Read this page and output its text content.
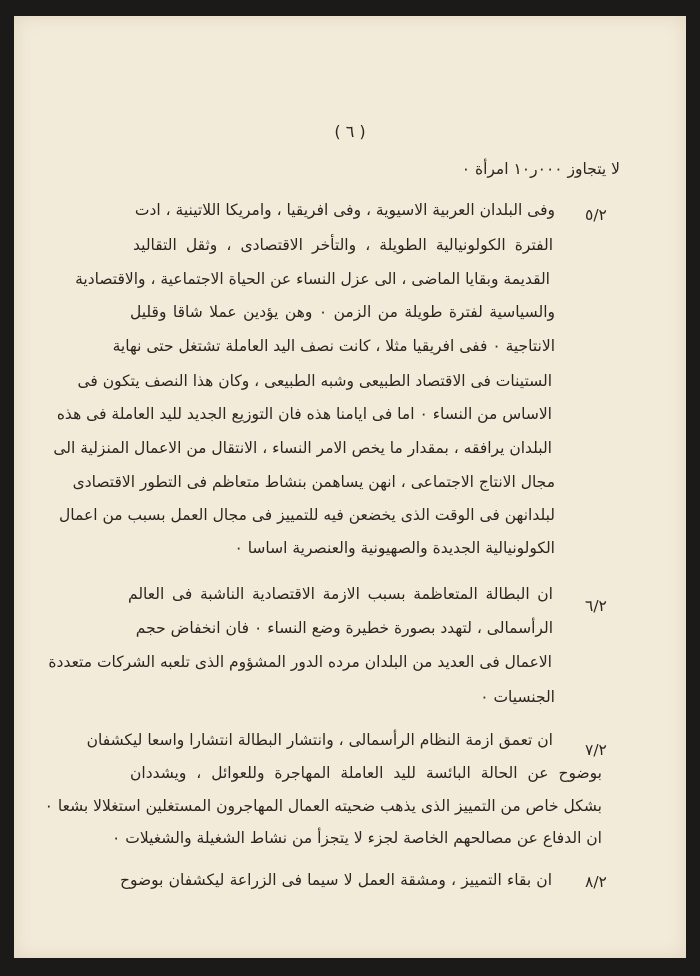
( ٦ )
لا يتجاوز ٠٠٠ر١٠ امرأة ٠
٥/٢
وفى البلدان العربية الاسيوية ، وفى افريقيا ، وامريكا اللاتينية ، ادت
الفترة الكولونيالية الطويلة ، والتأخر الاقتصادى ، وثقل التقاليد
القديمة وبقايا الماضى ، الى عزل النساء عن الحياة الاجتماعية ، والاقتصادية
والسياسية لفترة طويلة من الزمن ٠ وهن يؤدين عملا شاقا وقليل
الانتاجية ٠ ففى افريقيا مثلا ، كانت نصف اليد العاملة تشتغل حتى نهاية
الستينات فى الاقتصاد الطبيعى وشبه الطبيعى ، وكان هذا النصف يتكون فى
الاساس من النساء ٠ اما فى ايامنا هذه فان التوزيع الجديد لليد العاملة فى هذه
البلدان يرافقه ، بمقدار ما يخص الامر النساء ، الانتقال من الاعمال المنزلية الى
مجال الانتاج الاجتماعى ، انهن يساهمن بنشاط متعاظم فى التطور الاقتصادى
لبلدانهن فى الوقت الذى يخضعن فيه للتمييز فى مجال العمل بسبب من اعمال
الكولونيالية الجديدة والصهيونية والعنصرية اساسا ٠
٦/٢
ان البطالة المتعاظمة بسبب الازمة الاقتصادية الناشبة فى العالم
الرأسمالى ، لتهدد بصورة خطيرة وضع النساء ٠ فان انخفاض حجم
الاعمال فى العديد من البلدان مرده الدور المشؤوم الذى تلعبه الشركات متعددة
الجنسيات ٠
٧/٢
ان تعمق ازمة النظام الرأسمالى ، وانتشار البطالة انتشارا واسعا ليكشفان
بوضوح عن الحالة البائسة لليد العاملة المهاجرة وللعوائل ، ويشددان
بشكل خاص من التمييز الذى يذهب ضحيته العمال المهاجرون المستغلين استغلالا بشعا ٠
ان الدفاع عن مصالحهم الخاصة لجزء لا يتجزأ من نشاط الشغيلة والشغيلات ٠
٨/٢
ان بقاء التمييز ، ومشقة العمل لا سيما فى الزراعة ليكشفان بوضوح
